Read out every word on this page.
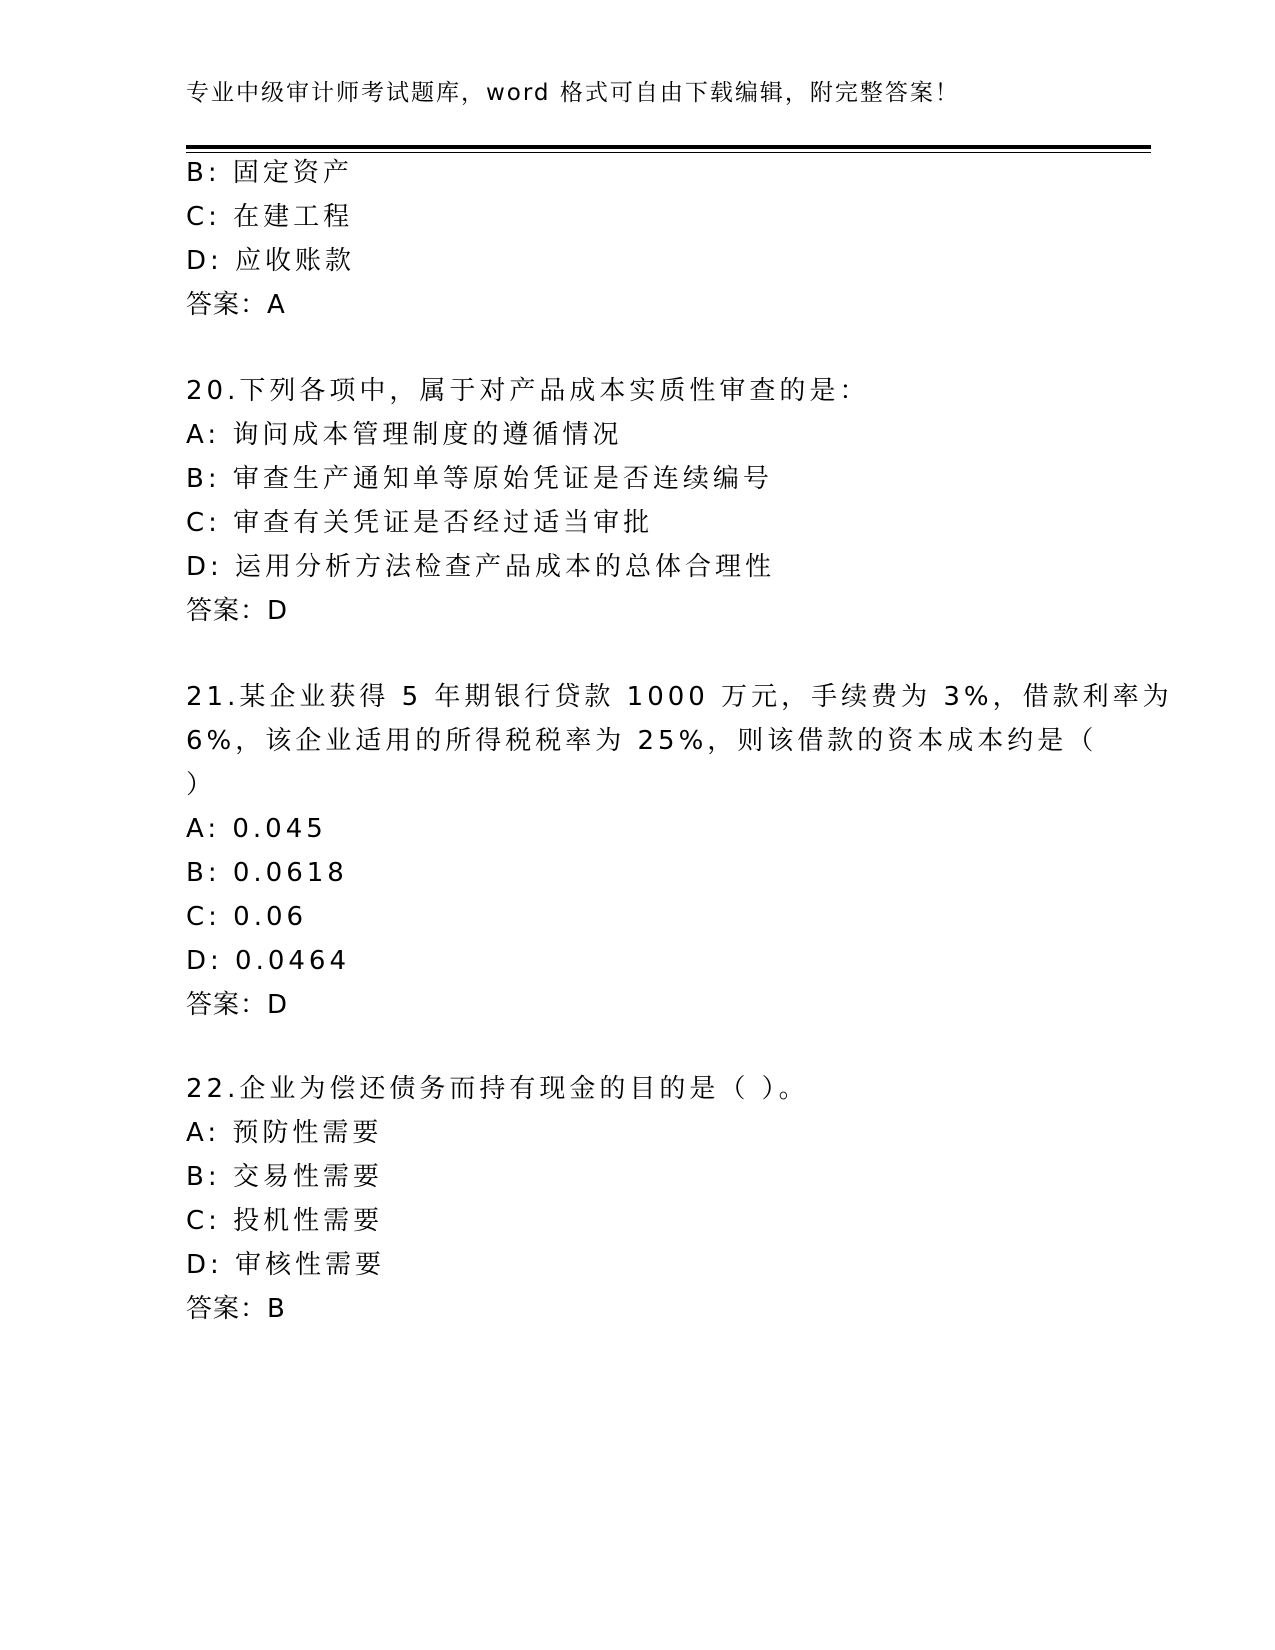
专业中级审计师考试题库，word 格式可自由下载编辑，附完整答案！
B: 固定资产
C: 在建工程
D: 应收账款
答案：A
20.下列各项中，属于对产品成本实质性审查的是：
A: 询问成本管理制度的遵循情况
B: 审查生产通知单等原始凭证是否连续编号
C: 审查有关凭证是否经过适当审批
D: 运用分析方法检查产品成本的总体合理性
答案：D
21.某企业获得 5 年期银行贷款 1000 万元，手续费为 3%，借款利率为
6%，该企业适用的所得税税率为 25%，则该借款的资本成本约是（
）
A: 0.045
B: 0.0618
C: 0.06
D: 0.0464
答案：D
22.企业为偿还债务而持有现金的目的是（ ）。
A: 预防性需要
B: 交易性需要
C: 投机性需要
D: 审核性需要
答案：B
